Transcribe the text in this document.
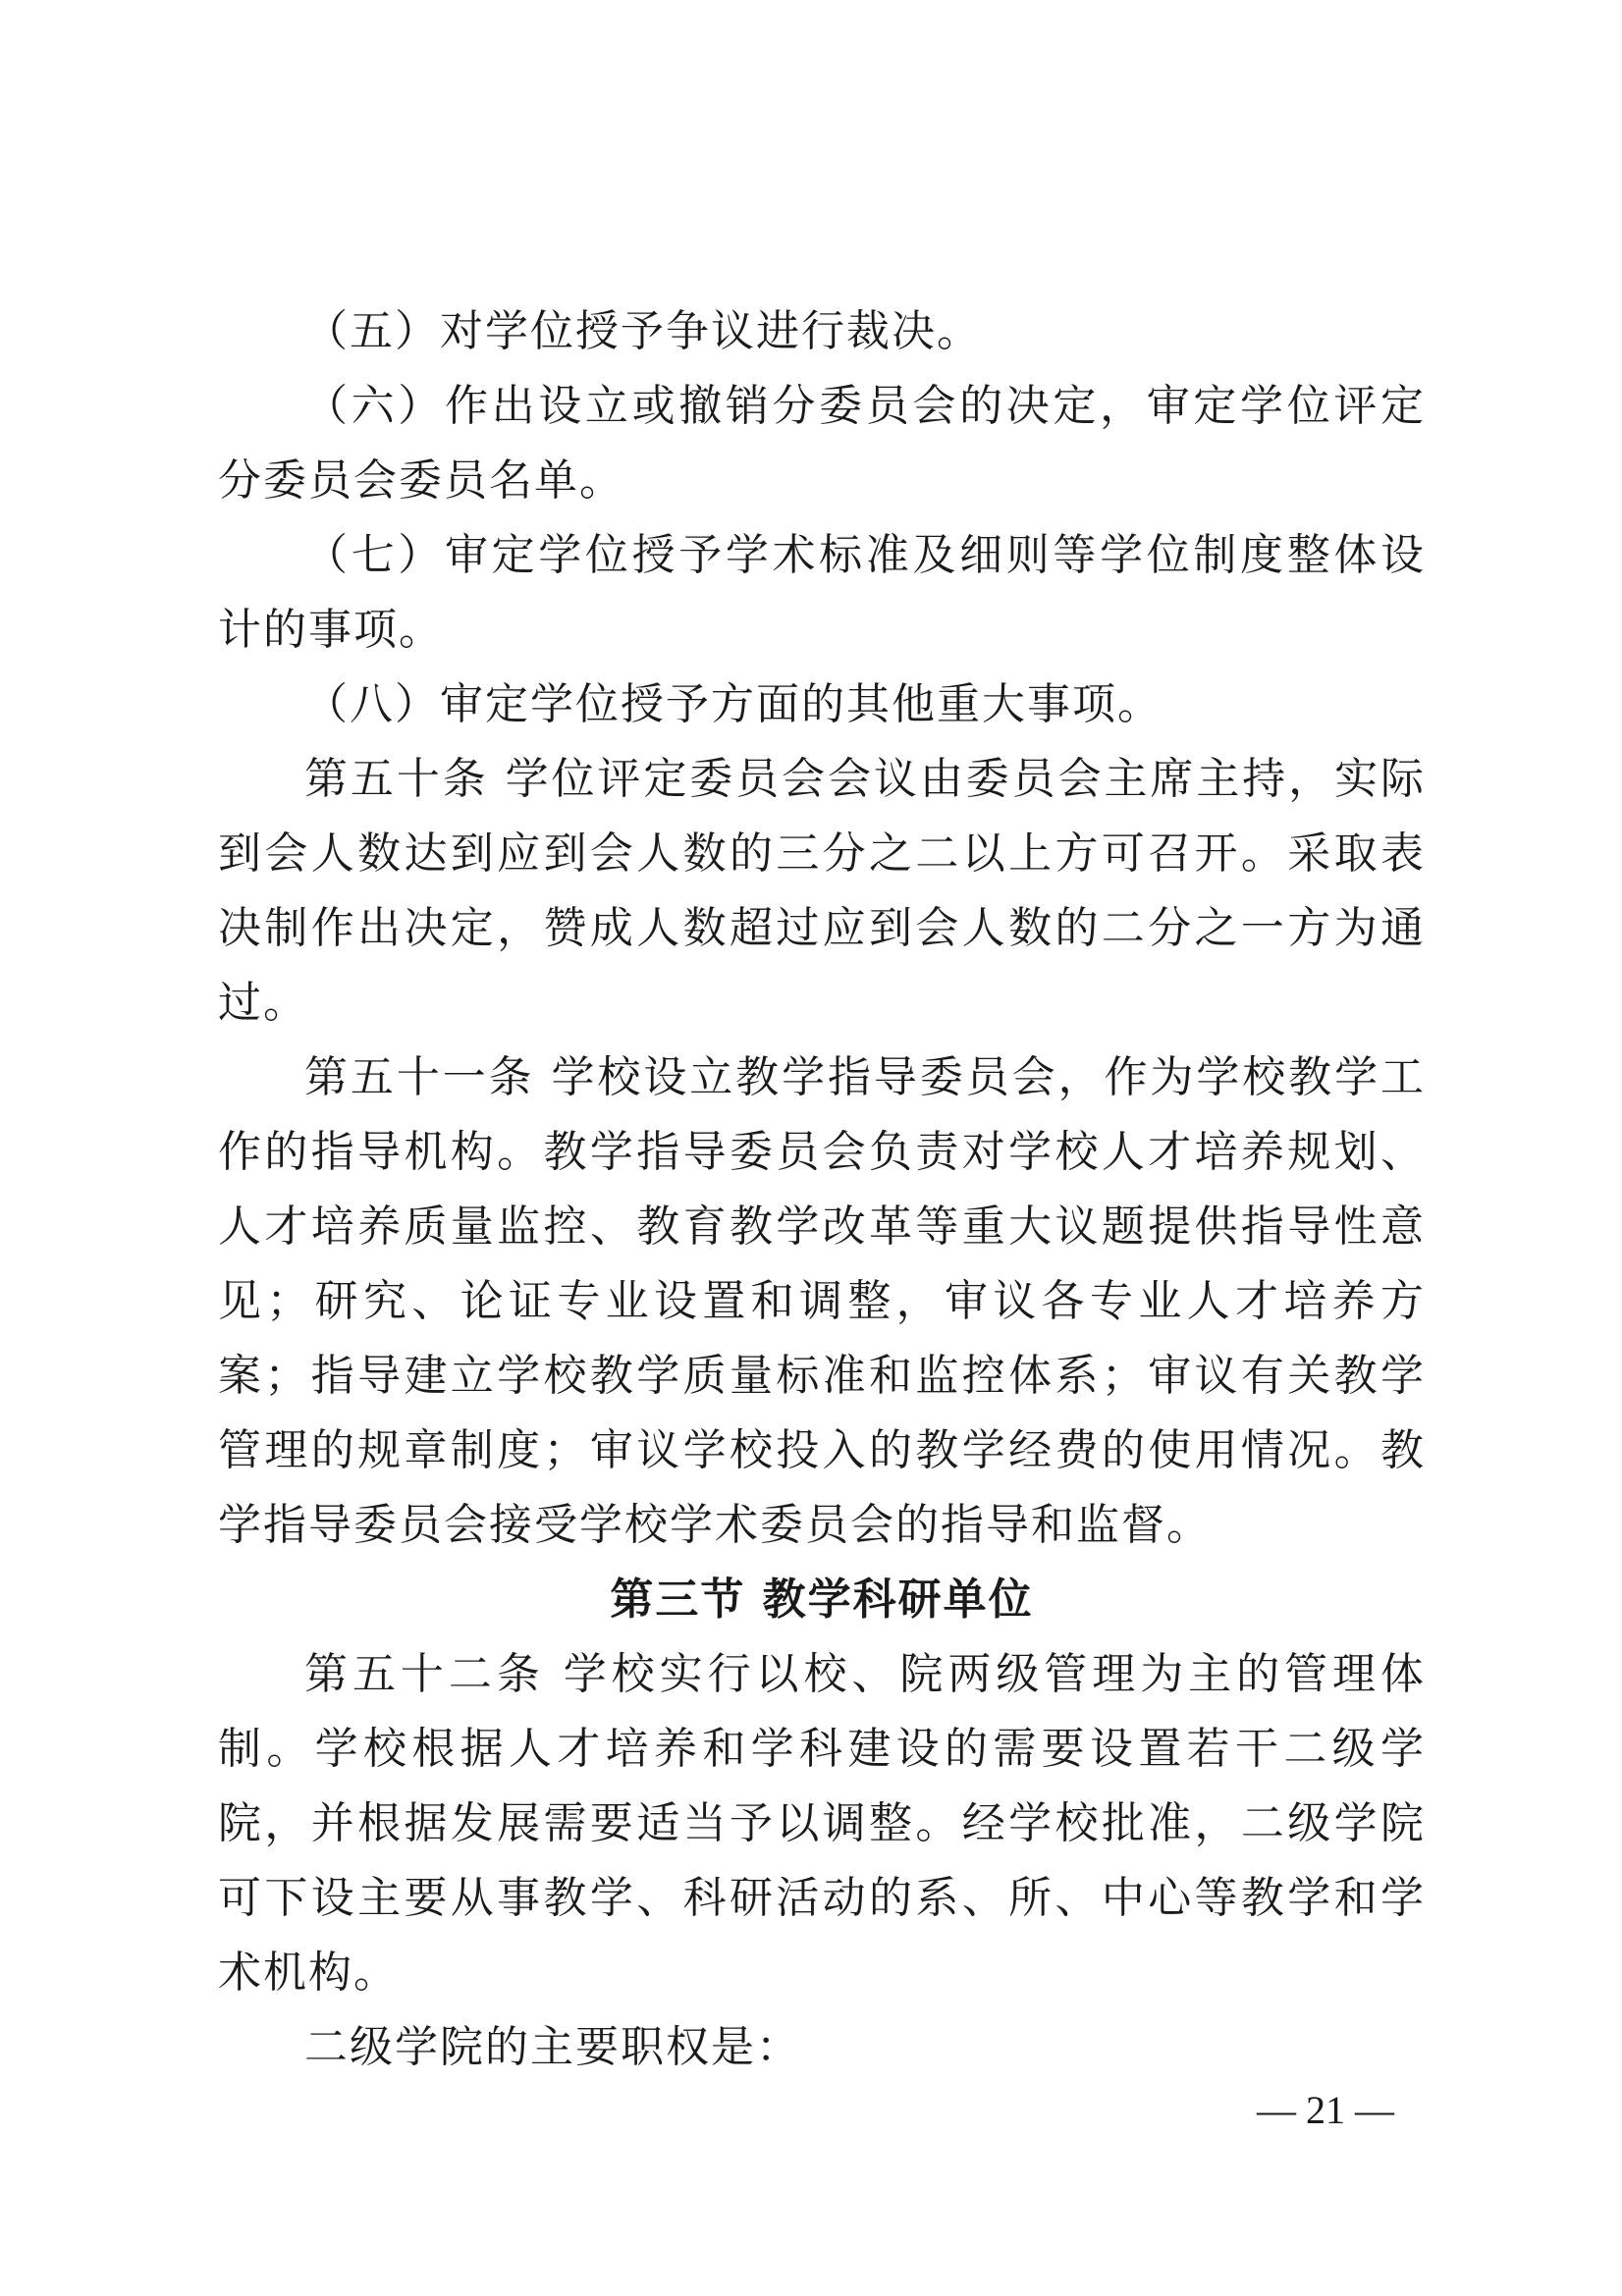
（五）对学位授予争议进行裁决。

（六）作出设立或撤销分委员会的决定，审定学位评定分委员会委员名单。

（七）审定学位授予学术标准及细则等学位制度整体设计的事项。

（八）审定学位授予方面的其他重大事项。

第五十条 学位评定委员会会议由委员会主席主持，实际到会人数达到应到会人数的三分之二以上方可召开。采取表决制作出决定，赞成人数超过应到会人数的二分之一方为通过。

第五十一条 学校设立教学指导委员会，作为学校教学工作的指导机构。教学指导委员会负责对学校人才培养规划、人才培养质量监控、教育教学改革等重大议题提供指导性意见；研究、论证专业设置和调整，审议各专业人才培养方案；指导建立学校教学质量标准和监控体系；审议有关教学管理的规章制度；审议学校投入的教学经费的使用情况。教学指导委员会接受学校学术委员会的指导和监督。

第三节 教学科研单位

第五十二条 学校实行以校、院两级管理为主的管理体制。学校根据人才培养和学科建设的需要设置若干二级学院，并根据发展需要适当予以调整。经学校批准，二级学院可下设主要从事教学、科研活动的系、所、中心等教学和学术机构。

二级学院的主要职权是：

— 21 —
